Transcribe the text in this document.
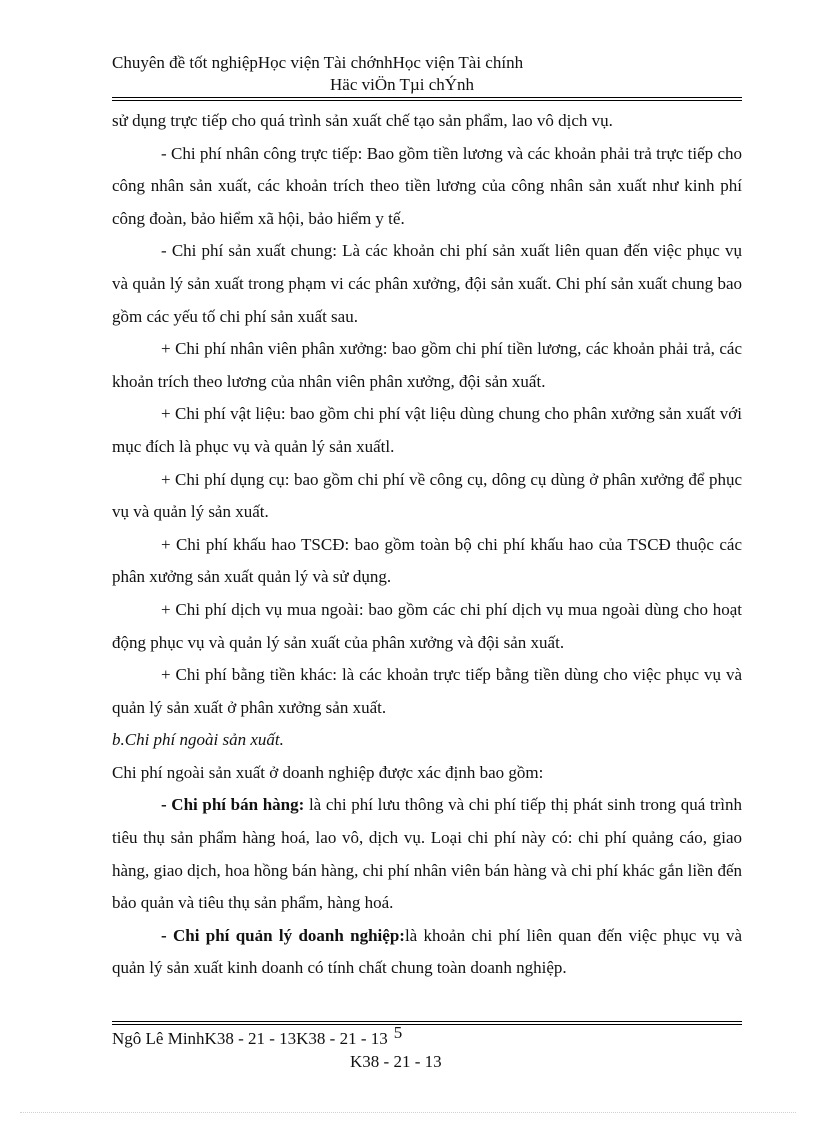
Chuyên đề tốt nghiệpHọc viện Tài chớnhHọc viện Tài chính
Häc viÖn Tµi chÝnh

sử dụng trực tiếp cho quá trình sản xuất chế tạo sản phẩm, lao vô dịch vụ.

- Chi phí nhân công trực tiếp: Bao gồm tiền lương và các khoản phải trả trực tiếp cho công nhân sản xuất, các khoản trích theo tiền lương của công nhân sản xuất như kinh phí công đoàn, bảo hiểm xã hội, bảo hiểm y tế.

- Chi phí sản xuất chung: Là các khoản chi phí sản xuất liên quan đến việc phục vụ và quản lý sản xuất trong phạm vi các phân xưởng, đội sản xuất. Chi phí sản xuất chung bao gồm các yếu tố chi phí sản xuất sau.

+ Chi phí nhân viên phân xưởng: bao gồm chi phí tiền lương, các khoản phải trả, các khoản trích theo lương của nhân viên phân xưởng, đội sản xuất.

+ Chi phí vật liệu: bao gồm chi phí vật liệu dùng chung cho phân xưởng sản xuất với mục đích là phục vụ và quản lý sản xuấtl.

+ Chi phí dụng cụ: bao gồm chi phí về công cụ, dông cụ dùng ở phân xưởng để phục vụ và quản lý sản xuất.

+ Chi phí khấu hao TSCĐ: bao gồm toàn bộ chi phí khấu hao của TSCĐ thuộc các phân xưởng sản xuất quản lý và sử dụng.

+ Chi phí dịch vụ mua ngoài: bao gồm các chi phí dịch vụ mua ngoài dùng cho hoạt động phục vụ và quản lý sản xuất của phân xưởng và đội sản xuất.

+ Chi phí bằng tiền khác: là các khoản trực tiếp bằng tiền dùng cho việc phục vụ và quản lý sản xuất ở phân xưởng sản xuất.

b.Chi phí ngoài sản xuất.

Chi phí ngoài sản xuất ở doanh nghiệp được xác định bao gồm:

- Chi phí bán hàng: là chi phí lưu thông và chi phí tiếp thị phát sinh trong quá trình tiêu thụ sản phẩm hàng hoá, lao vô, dịch vụ. Loại chi phí này có: chi phí quảng cáo, giao hàng, giao dịch, hoa hồng bán hàng, chi phí nhân viên bán hàng và chi phí khác gắn liền đến bảo quản và tiêu thụ sản phẩm, hàng hoá.

- Chi phí quản lý doanh nghiệp:là khoản chi phí liên quan đến việc phục vụ và quản lý sản xuất kinh doanh có tính chất chung toàn doanh nghiệp.

Ngô Lê MinhK38 - 21 - 13K38 - 21 - 13 5
K38 - 21 - 13
